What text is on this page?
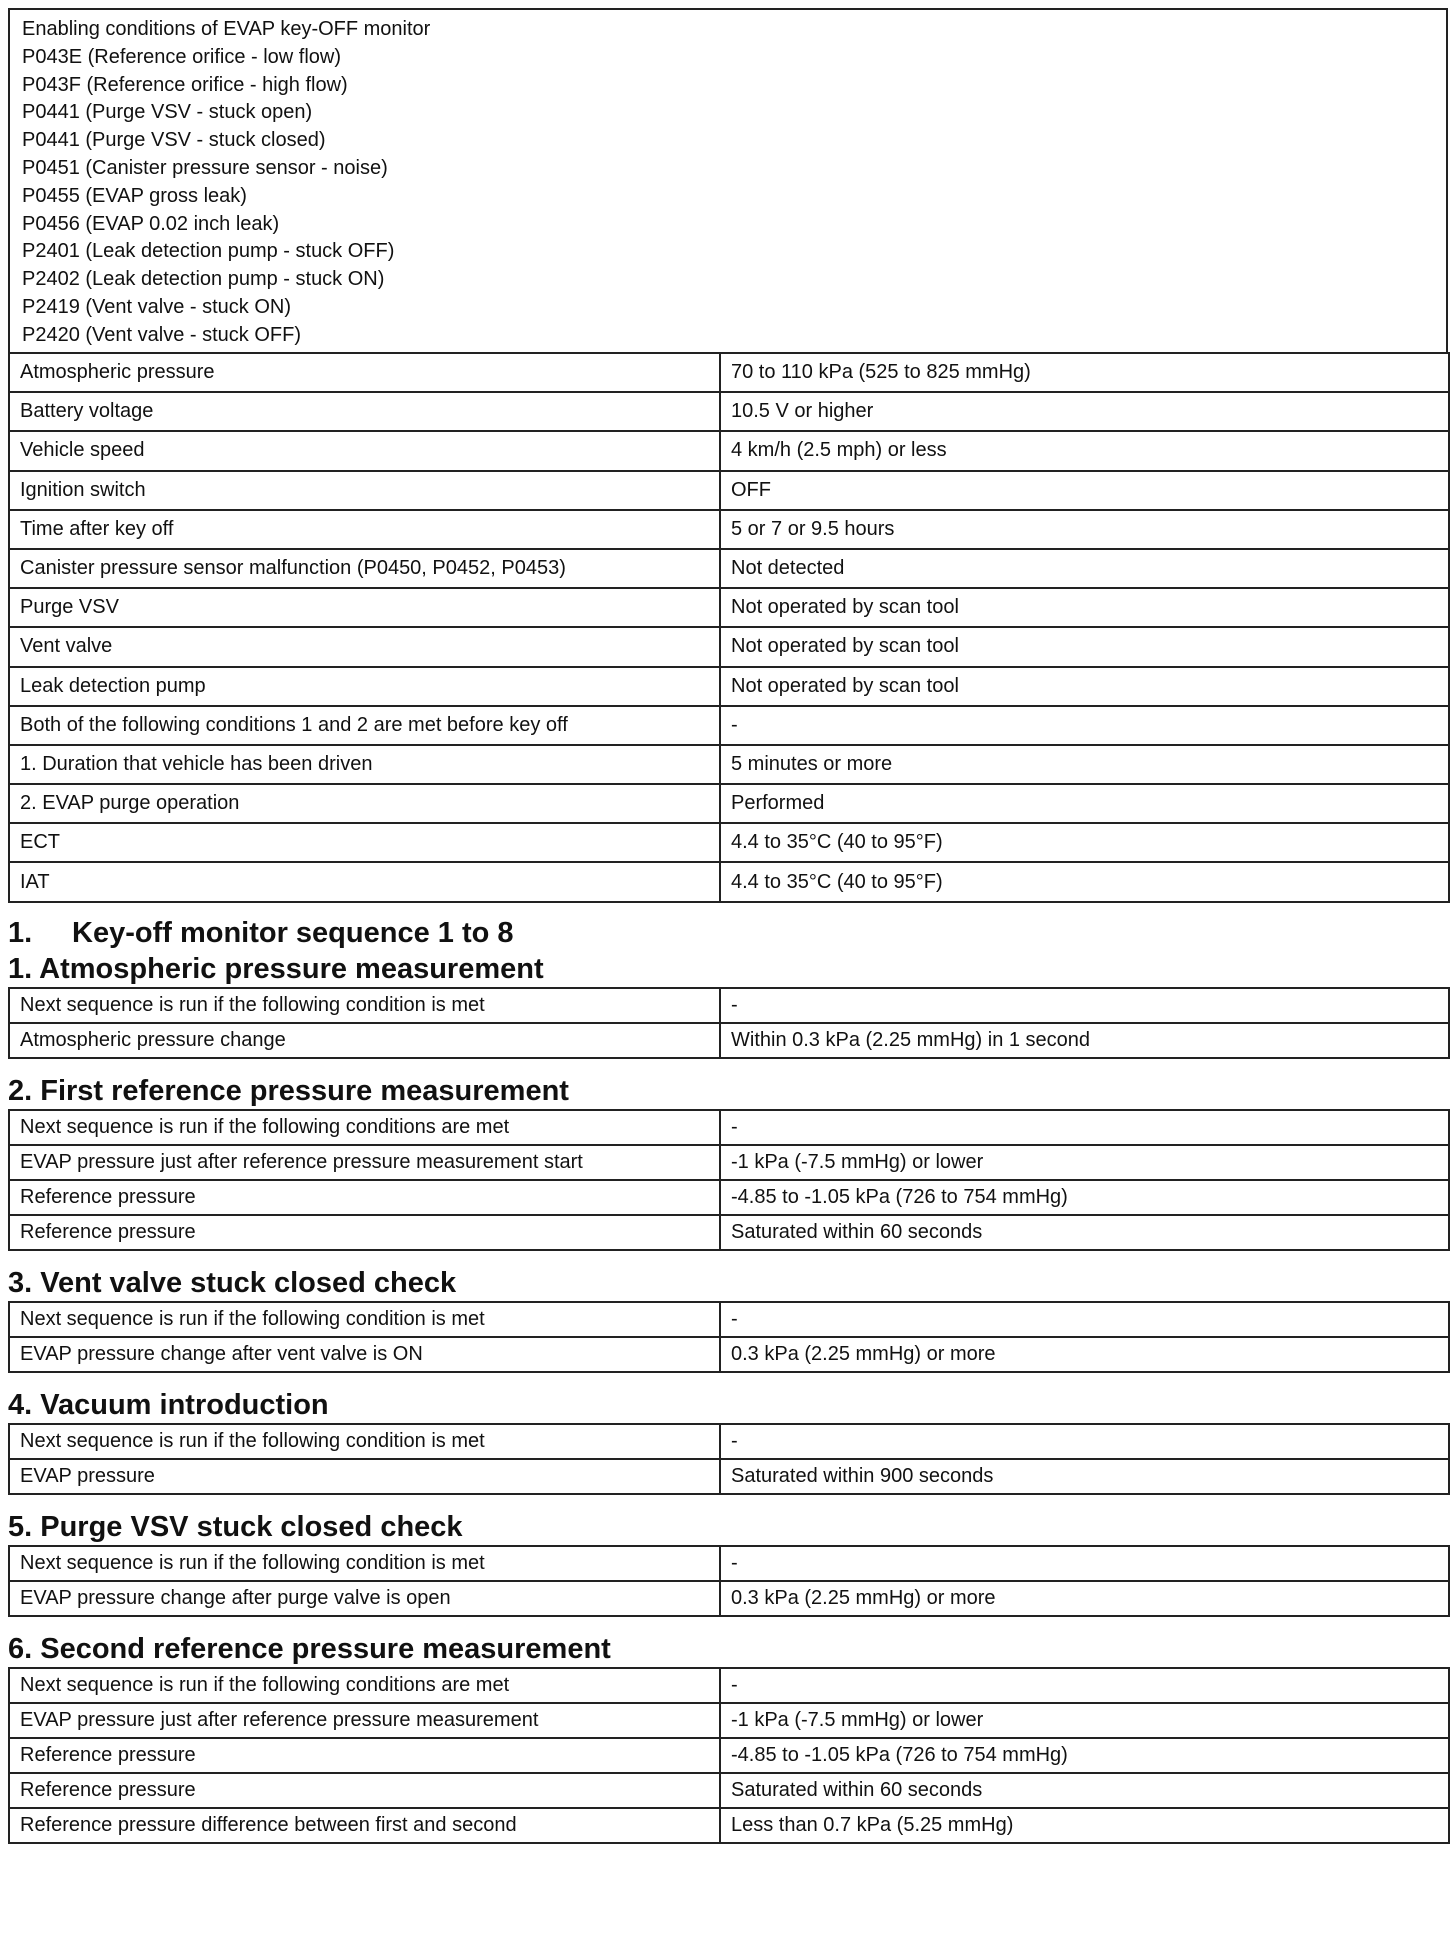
Enabling conditions of EVAP key-OFF monitor
P043E (Reference orifice - low flow)
P043F (Reference orifice - high flow)
P0441 (Purge VSV - stuck open)
P0441 (Purge VSV - stuck closed)
P0451 (Canister pressure sensor - noise)
P0455 (EVAP gross leak)
P0456 (EVAP 0.02 inch leak)
P2401 (Leak detection pump - stuck OFF)
P2402 (Leak detection pump - stuck ON)
P2419 (Vent valve - stuck ON)
P2420 (Vent valve - stuck OFF)
Atmospheric pressure	70 to 110 kPa (525 to 825 mmHg)
Battery voltage	10.5 V or higher
Vehicle speed	4 km/h (2.5 mph) or less
Ignition switch	OFF
Time after key off	5 or 7 or 9.5 hours
Canister pressure sensor malfunction (P0450, P0452, P0453)	Not detected
Purge VSV	Not operated by scan tool
Vent valve	Not operated by scan tool
Leak detection pump	Not operated by scan tool
Both of the following conditions 1 and 2 are met before key off	-
1. Duration that vehicle has been driven	5 minutes or more
2. EVAP purge operation	Performed
ECT	4.4 to 35°C (40 to 95°F)
IAT	4.4 to 35°C (40 to 95°F)
1. Key-off monitor sequence 1 to 8
1. Atmospheric pressure measurement
Next sequence is run if the following condition is met	-
Atmospheric pressure change	Within 0.3 kPa (2.25 mmHg) in 1 second
2. First reference pressure measurement
Next sequence is run if the following conditions are met	-
EVAP pressure just after reference pressure measurement start	-1 kPa (-7.5 mmHg) or lower
Reference pressure	-4.85 to -1.05 kPa (726 to 754 mmHg)
Reference pressure	Saturated within 60 seconds
3. Vent valve stuck closed check
Next sequence is run if the following condition is met	-
EVAP pressure change after vent valve is ON	0.3 kPa (2.25 mmHg) or more
4. Vacuum introduction
Next sequence is run if the following condition is met	-
EVAP pressure	Saturated within 900 seconds
5. Purge VSV stuck closed check
Next sequence is run if the following condition is met	-
EVAP pressure change after purge valve is open	0.3 kPa (2.25 mmHg) or more
6. Second reference pressure measurement
Next sequence is run if the following conditions are met	-
EVAP pressure just after reference pressure measurement	-1 kPa (-7.5 mmHg) or lower
Reference pressure	-4.85 to -1.05 kPa (726 to 754 mmHg)
Reference pressure	Saturated within 60 seconds
Reference pressure difference between first and second	Less than 0.7 kPa (5.25 mmHg)
